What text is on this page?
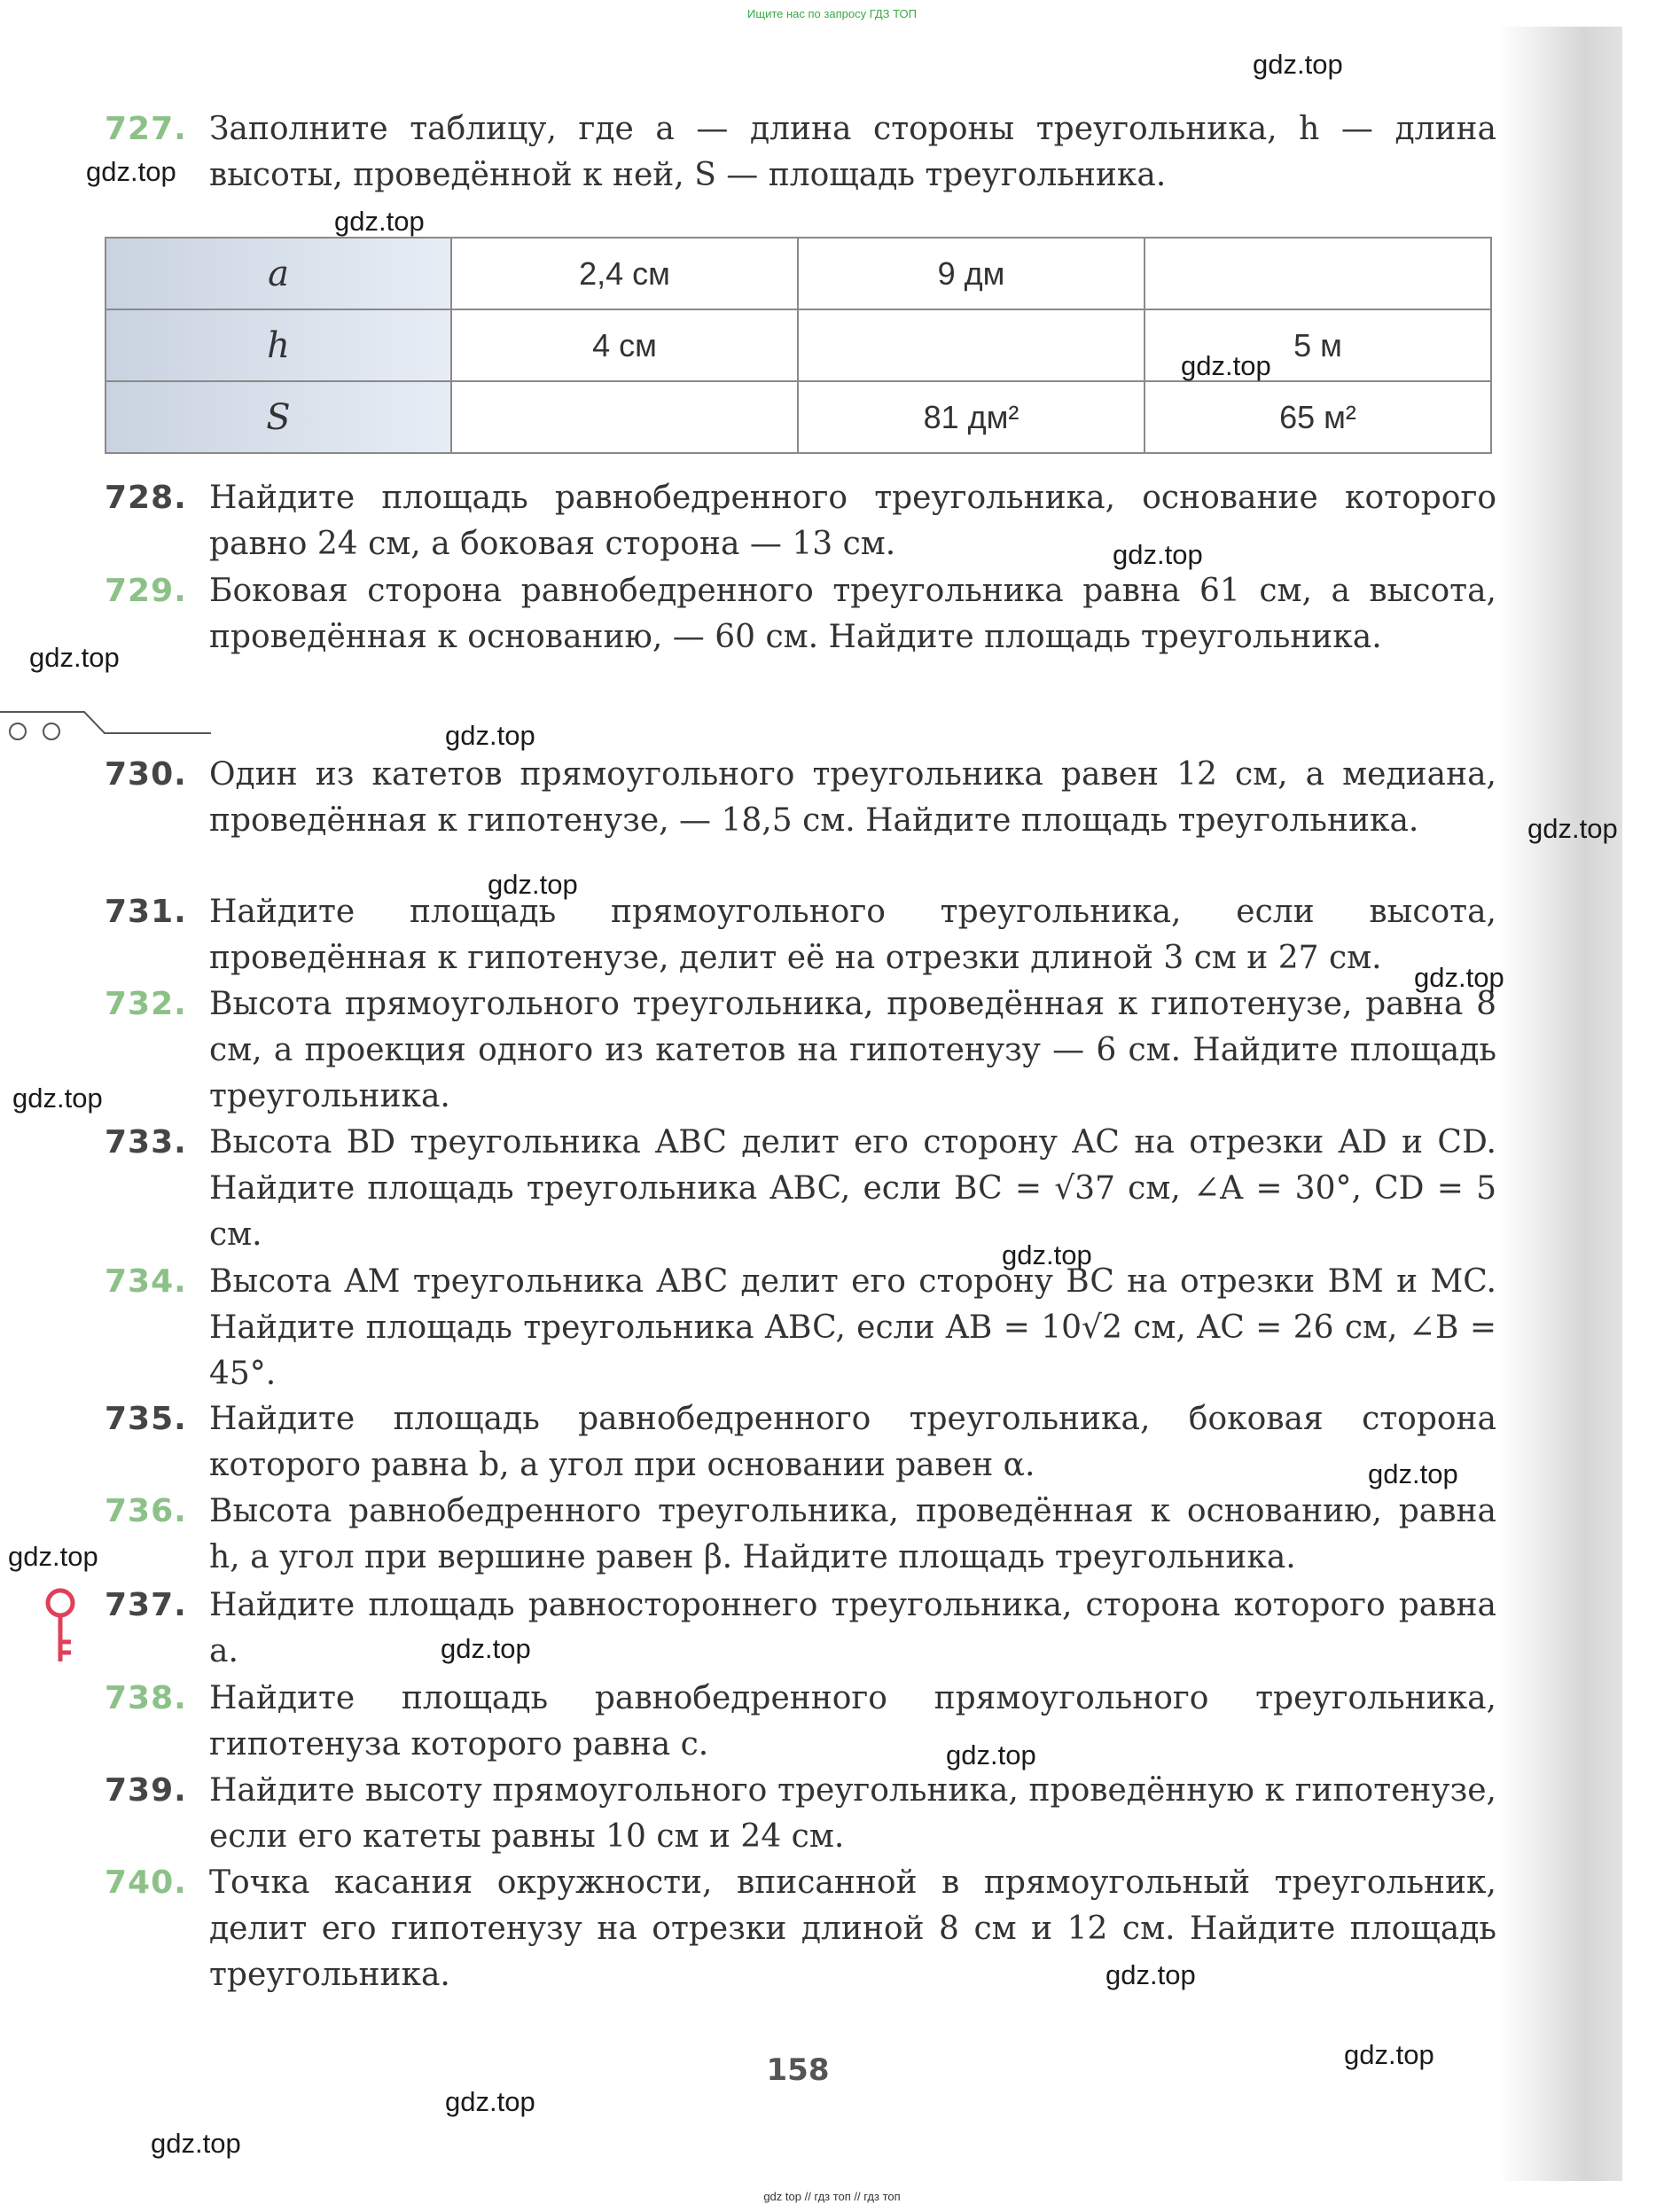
Ищите нас по запросу ГДЗ ТОП
727. Заполните таблицу, где a — длина стороны треугольника, h — длина высоты, проведённой к ней, S — площадь треугольника.
a	2,4 см	9 дм	
h	4 см		5 м
S		81 дм²	65 м²
728. Найдите площадь равнобедренного треугольника, основание которого равно 24 см, а боковая сторона — 13 см.
729. Боковая сторона равнобедренного треугольника равна 61 см, а высота, проведённая к основанию, — 60 см. Найдите площадь треугольника.
730. Один из катетов прямоугольного треугольника равен 12 см, а медиана, проведённая к гипотенузе, — 18,5 см. Найдите площадь треугольника.
731. Найдите площадь прямоугольного треугольника, если высота, проведённая к гипотенузе, делит её на отрезки длиной 3 см и 27 см.
732. Высота прямоугольного треугольника, проведённая к гипотенузе, равна 8 см, а проекция одного из катетов на гипотенузу — 6 см. Найдите площадь треугольника.
733. Высота BD треугольника ABC делит его сторону AC на отрезки AD и CD. Найдите площадь треугольника ABC, если BC = √37 см, ∠A = 30°, CD = 5 см.
734. Высота AM треугольника ABC делит его сторону BC на отрезки BM и MC. Найдите площадь треугольника ABC, если AB = 10√2 см, AC = 26 см, ∠B = 45°.
735. Найдите площадь равнобедренного треугольника, боковая сторона которого равна b, а угол при основании равен α.
736. Высота равнобедренного треугольника, проведённая к основанию, равна h, а угол при вершине равен β. Найдите площадь треугольника.
737. Найдите площадь равностороннего треугольника, сторона которого равна a.
738. Найдите площадь равнобедренного прямоугольного треугольника, гипотенуза которого равна c.
739. Найдите высоту прямоугольного треугольника, проведённую к гипотенузе, если его катеты равны 10 см и 24 см.
740. Точка касания окружности, вписанной в прямоугольный треугольник, делит его гипотенузу на отрезки длиной 8 см и 12 см. Найдите площадь треугольника.
158
gdz top // гдз топ // гдз топ
gdz.top
gdz.top
gdz.top
gdz.top
gdz.top
gdz.top
gdz.top
gdz.top
gdz.top
gdz.top
gdz.top
gdz.top
gdz.top
gdz.top
gdz.top
gdz.top
gdz.top
gdz.top
gdz.top
gdz.top
